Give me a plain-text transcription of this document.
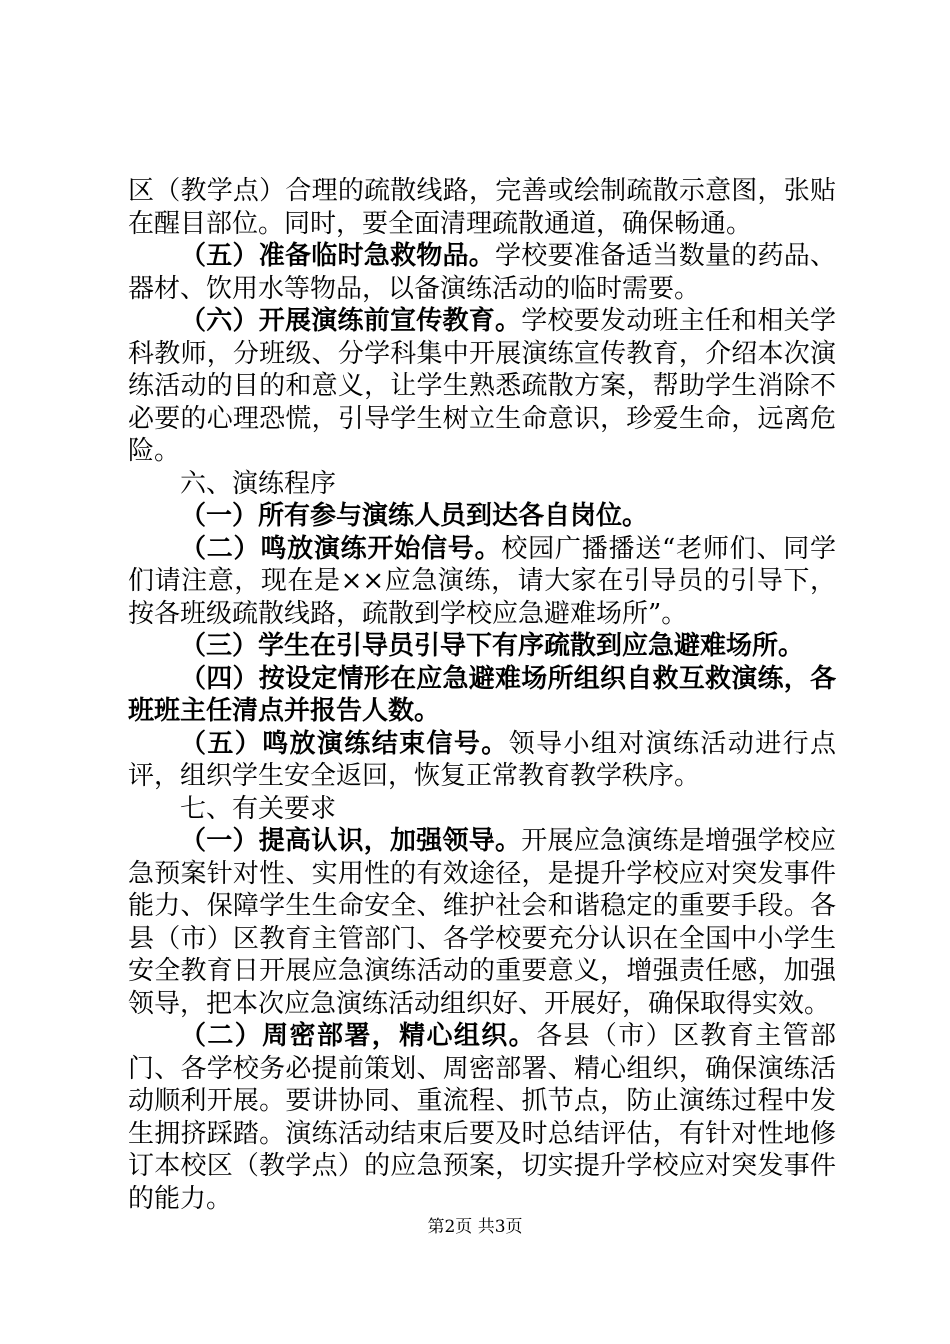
区（教学点）合理的疏散线路，完善或绘制疏散示意图，张贴在醒目部位。同时，要全面清理疏散通道，确保畅通。

（五）准备临时急救物品。学校要准备适当数量的药品、器材、饮用水等物品，以备演练活动的临时需要。

（六）开展演练前宣传教育。学校要发动班主任和相关学科教师，分班级、分学科集中开展演练宣传教育，介绍本次演练活动的目的和意义，让学生熟悉疏散方案，帮助学生消除不必要的心理恐慌，引导学生树立生命意识，珍爱生命，远离危险。

六、演练程序

（一）所有参与演练人员到达各自岗位。

（二）鸣放演练开始信号。校园广播播送“老师们、同学们请注意，现在是××应急演练，请大家在引导员的引导下，按各班级疏散线路，疏散到学校应急避难场所”。

（三）学生在引导员引导下有序疏散到应急避难场所。

（四）按设定情形在应急避难场所组织自救互救演练，各班班主任清点并报告人数。

（五）鸣放演练结束信号。领导小组对演练活动进行点评，组织学生安全返回，恢复正常教育教学秩序。

七、有关要求

（一）提高认识，加强领导。开展应急演练是增强学校应急预案针对性、实用性的有效途径，是提升学校应对突发事件能力、保障学生生命安全、维护社会和谐稳定的重要手段。各县（市）区教育主管部门、各学校要充分认识在全国中小学生安全教育日开展应急演练活动的重要意义，增强责任感，加强领导，把本次应急演练活动组织好、开展好，确保取得实效。

（二）周密部署，精心组织。各县（市）区教育主管部门、各学校务必提前策划、周密部署、精心组织，确保演练活动顺利开展。要讲协同、重流程、抓节点，防止演练过程中发生拥挤踩踏。演练活动结束后要及时总结评估，有针对性地修订本校区（教学点）的应急预案，切实提升学校应对突发事件的能力。

第2页 共3页
